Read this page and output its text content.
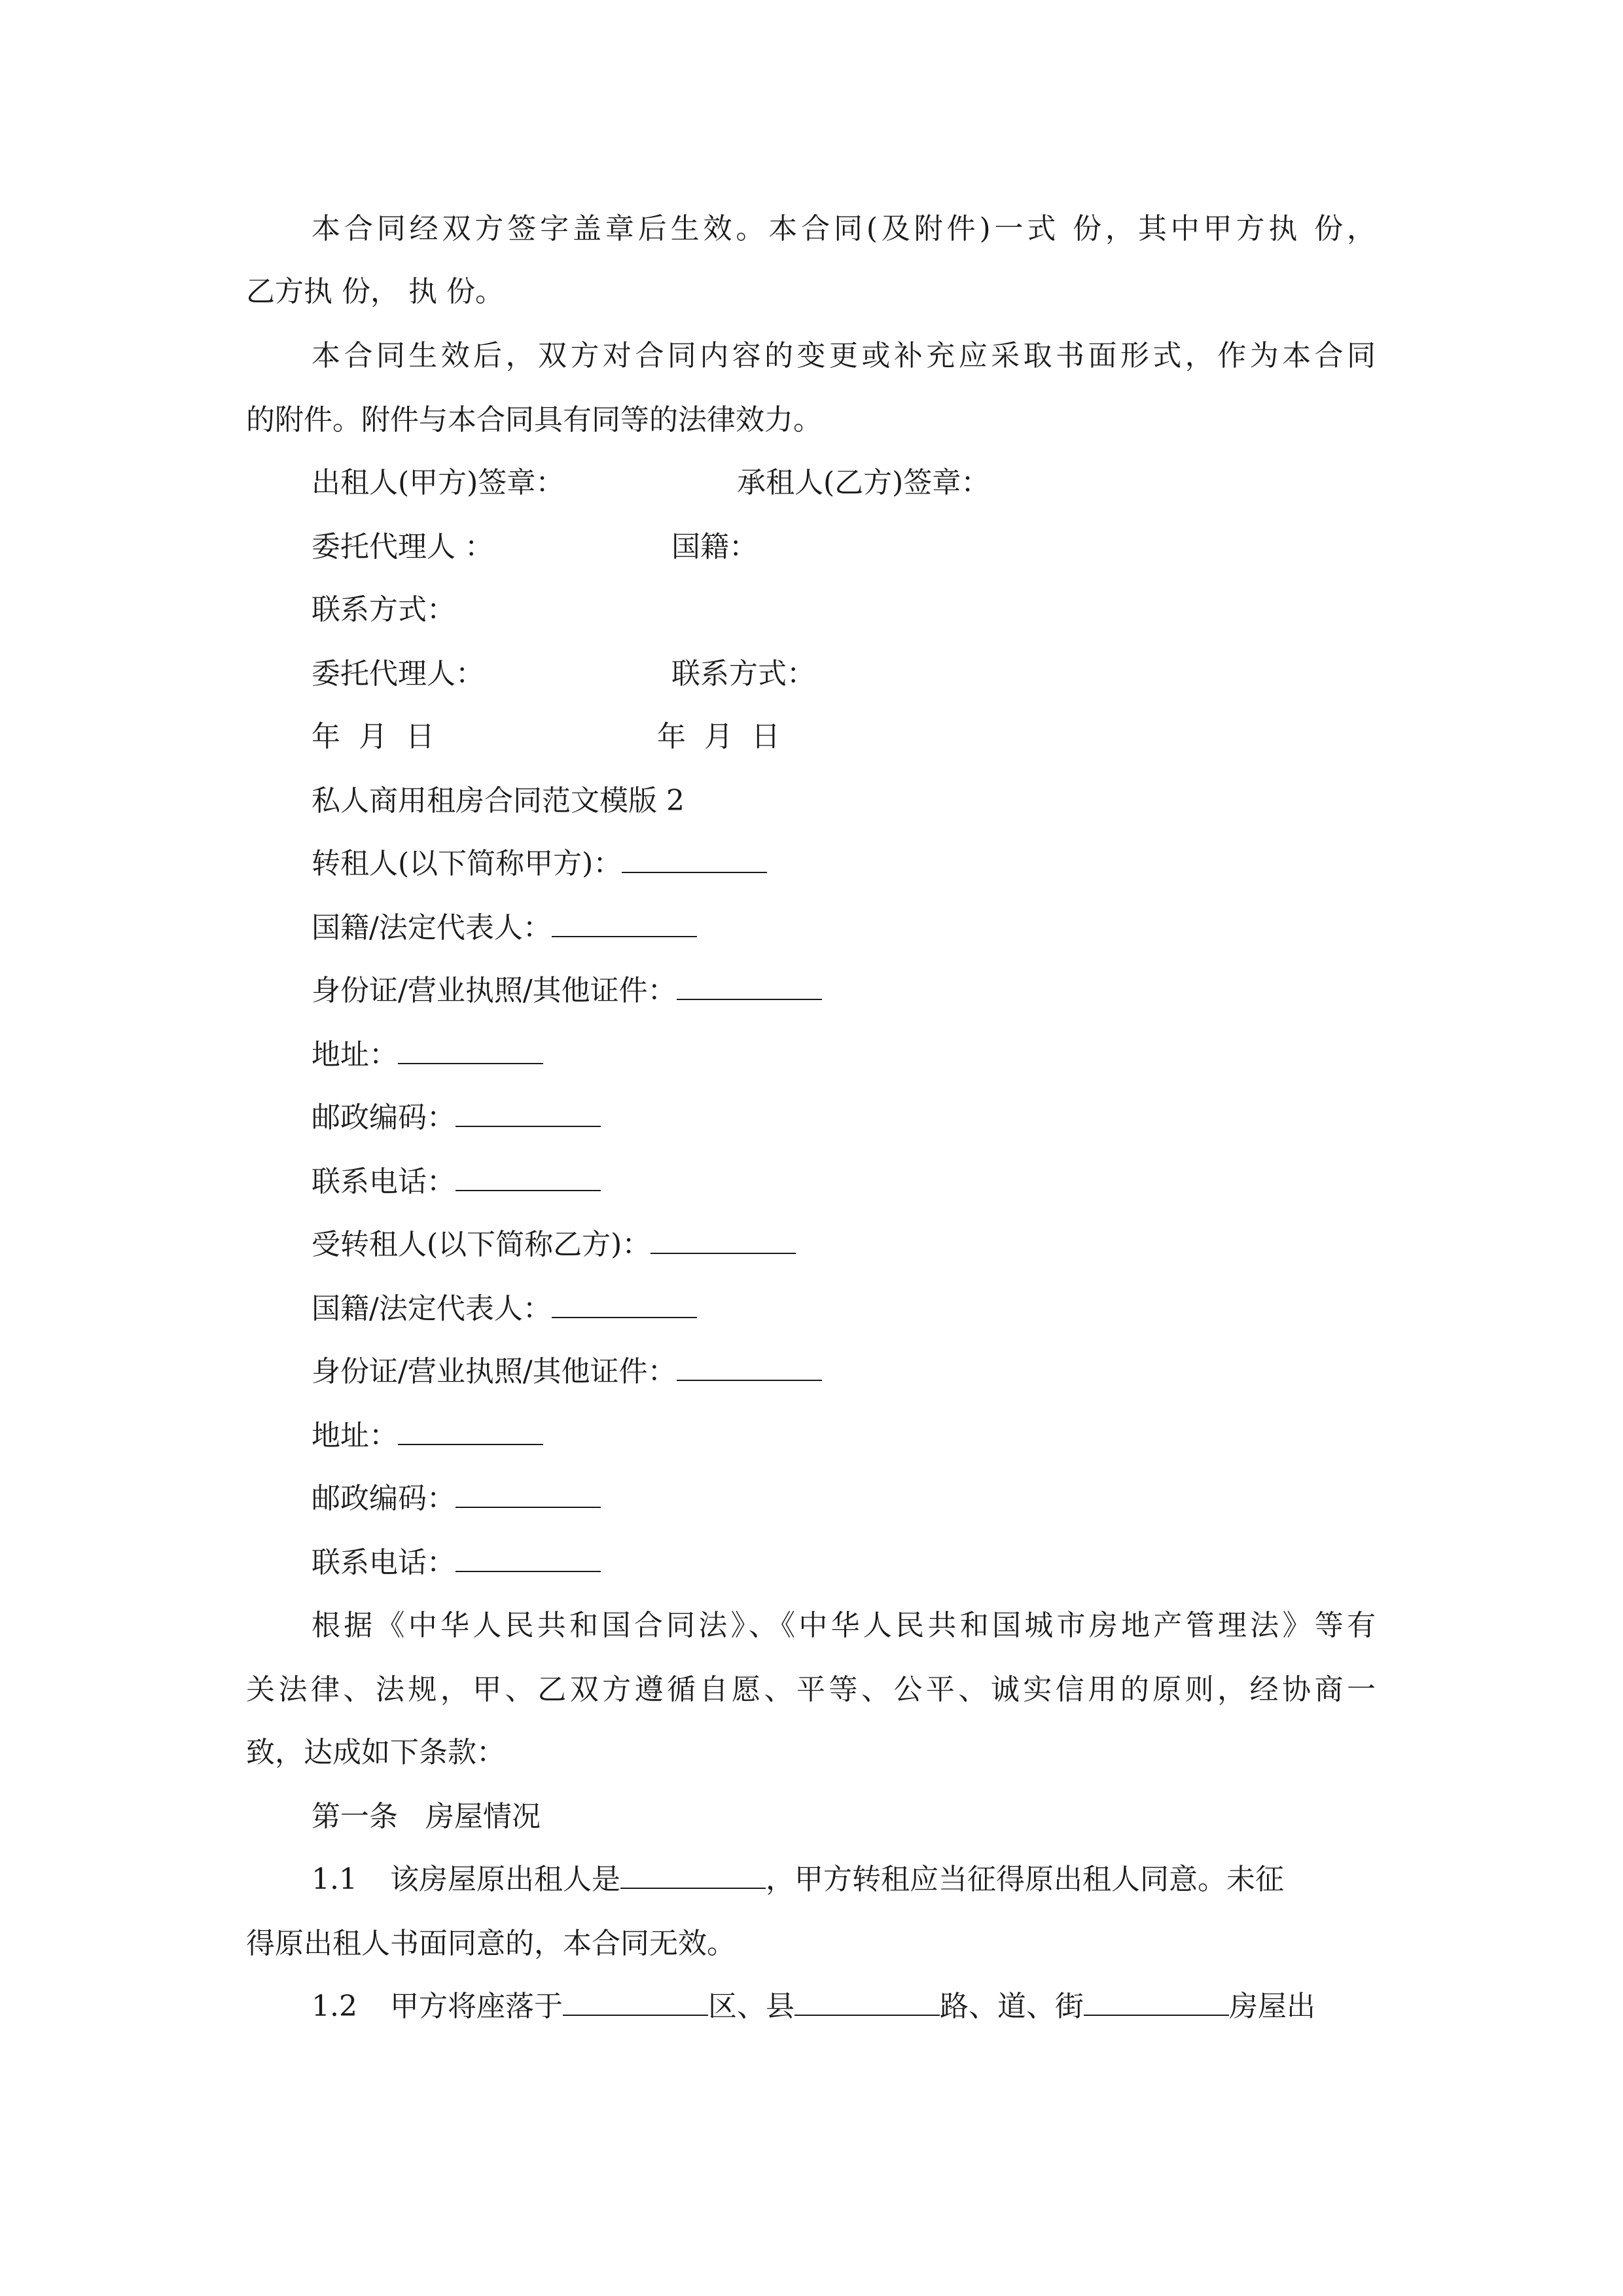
本合同经双方签字盖章后生效。本合同(及附件)一式 份，其中甲方执 份，

乙方执 份， 执 份。

本合同生效后，双方对合同内容的变更或补充应采取书面形式，作为本合同

的附件。附件与本合同具有同等的法律效力。

出租人(甲方)签章：	承租人(乙方)签章：

委托代理人 ：	国籍：

联系方式：

委托代理人：	联系方式：

年  月  日	年  月  日

私人商用租房合同范文模版 2

转租人(以下简称甲方)：

国籍/法定代表人：

身份证/营业执照/其他证件：

地址：

邮政编码：

联系电话：

受转租人(以下简称乙方)：

国籍/法定代表人：

身份证/营业执照/其他证件：

地址：

邮政编码：

联系电话：

根据《中华人民共和国合同法》、《中华人民共和国城市房地产管理法》等有

关法律、法规，甲、乙双方遵循自愿、平等、公平、诚实信用的原则，经协商一

致，达成如下条款：

第一条   房屋情况

1.1 该房屋原出租人是	，甲方转租应当征得原出租人同意。未征

得原出租人书面同意的，本合同无效。

1.2 甲方将座落于	区、县	路、道、街	房屋出
